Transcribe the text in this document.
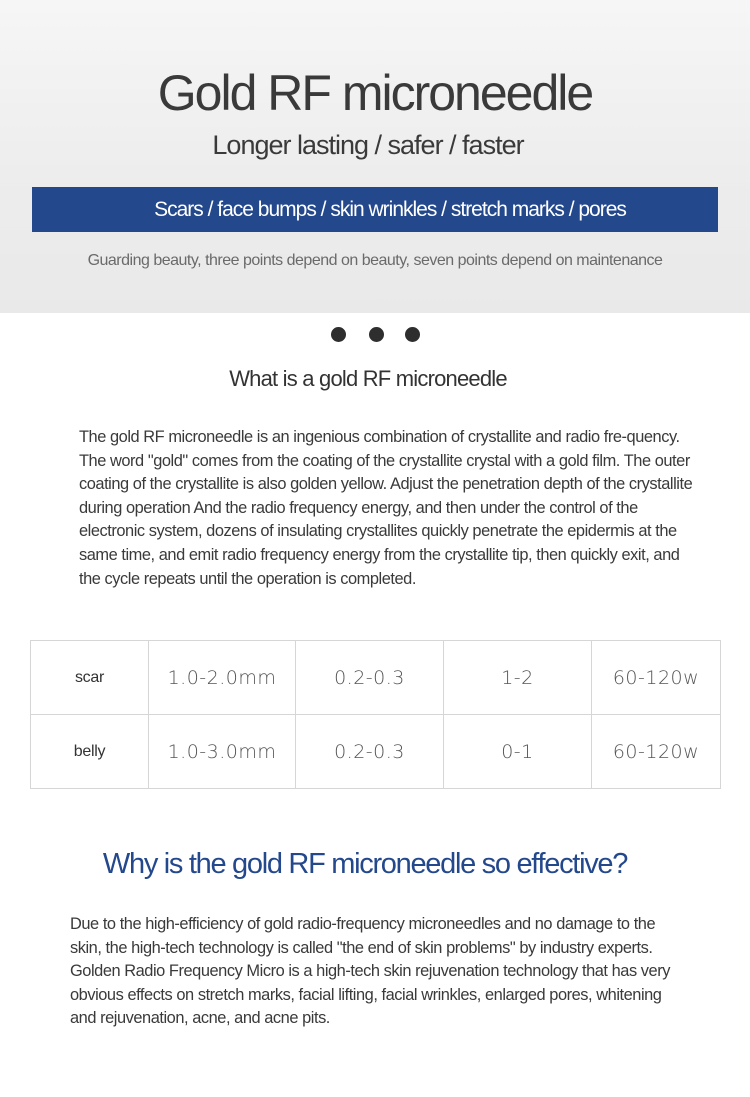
Gold RF microneedle
Longer lasting / safer / faster
Scars / face bumps / skin wrinkles / stretch marks / pores
Guarding beauty, three points depend on beauty, seven points depend on maintenance
What is a gold RF microneedle

The gold RF microneedle is an ingenious combination of crystallite and radio fre-quency. The word "gold" comes from the coating of the crystallite crystal with a gold film. The outer coating of the crystallite is also golden yellow. Adjust the penetration depth of the crystallite during operation And the radio frequency energy, and then under the control of the electronic system, dozens of insulating crystallites quickly penetrate the epidermis at the same time, and emit radio frequency energy from the crystallite tip, then quickly exit, and the cycle repeats until the operation is completed.

scar	1.0-2.0mm	0.2-0.3	1-2	60-120w
belly	1.0-3.0mm	0.2-0.3	0-1	60-120w
Why is the gold RF microneedle so effective?

Due to the high-efficiency of gold radio-frequency microneedles and no damage to the skin, the high-tech technology is called "the end of skin problems" by industry experts. Golden Radio Frequency Micro is a high-tech skin rejuvenation technology that has very obvious effects on stretch marks, facial lifting, facial wrinkles, enlarged pores, whitening and rejuvenation, acne, and acne pits.
